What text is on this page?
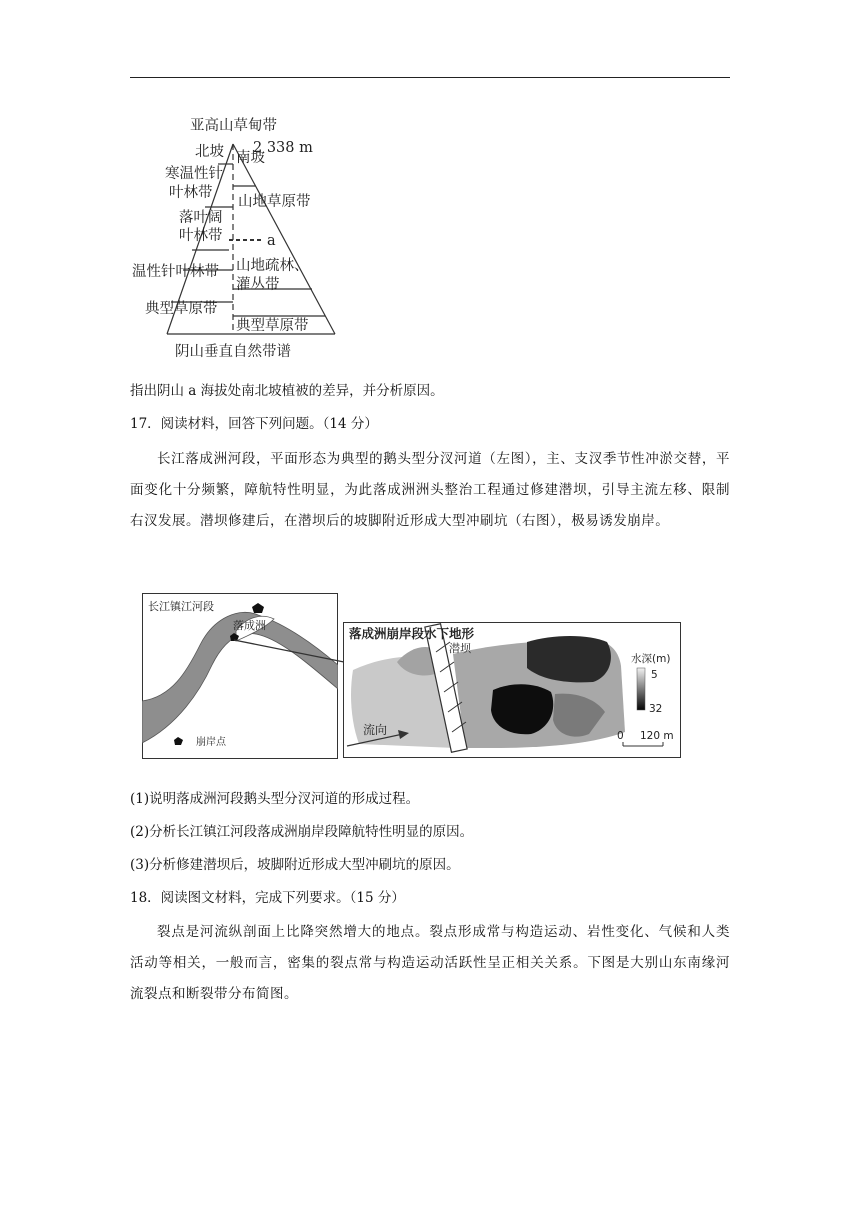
亚高山草甸带
北坡 南坡
2 338 m
寒温性针
叶林带
落叶阔
叶林带
温性针叶林带
典型草原带
山地草原带
a
山地疏林、
灌丛带
典型草原带
阴山垂直自然带谱
指出阴山 a 海拔处南北坡植被的差异，并分析原因。
17．阅读材料，回答下列问题。（14 分）
长江落成洲河段，平面形态为典型的鹅头型分汊河道（左图），主、支汊季节性冲淤交替，平面变化十分频繁，障航特性明显，为此落成洲洲头整治工程通过修建潜坝，引导主流左移、限制右汊发展。潜坝修建后，在潜坝后的坡脚附近形成大型冲刷坑（右图），极易诱发崩岸。
长江镇江河段
落成洲
崩岸点
落成洲崩岸段水下地形
潜坝
水深(m)
5
32
流向	0 120 m
(1)说明落成洲河段鹅头型分汊河道的形成过程。
(2)分析长江镇江河段落成洲崩岸段障航特性明显的原因。
(3)分析修建潜坝后，坡脚附近形成大型冲刷坑的原因。
18．阅读图文材料，完成下列要求。（15 分）
裂点是河流纵剖面上比降突然增大的地点。裂点形成常与构造运动、岩性变化、气候和人类活动等相关，一般而言，密集的裂点常与构造运动活跃性呈正相关关系。下图是大别山东南缘河流裂点和断裂带分布简图。
